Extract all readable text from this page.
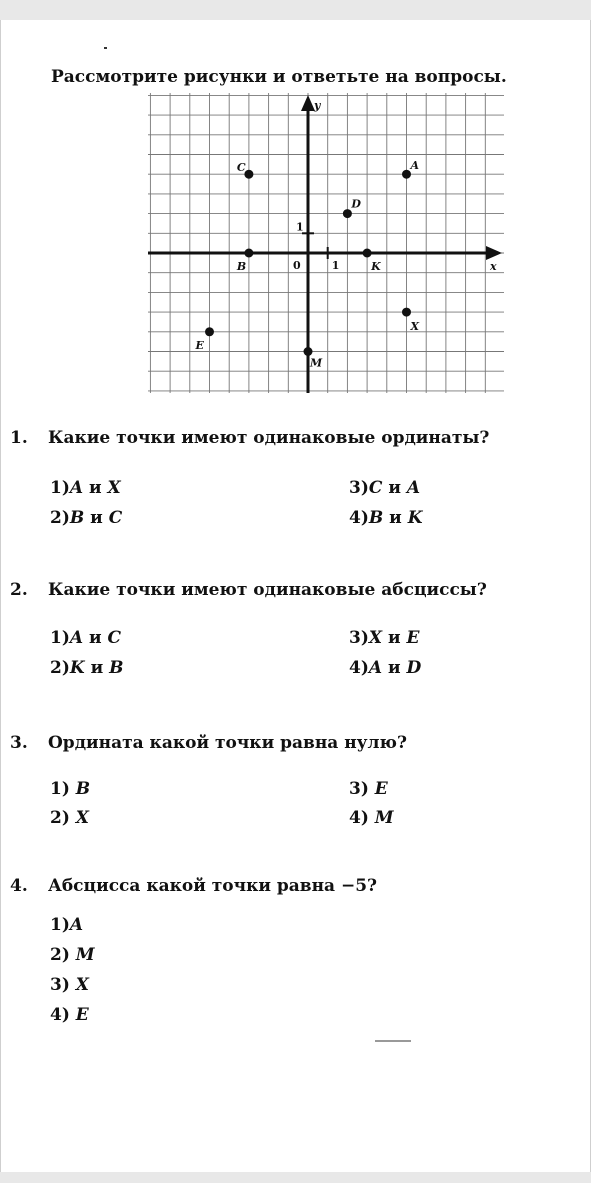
Рассмотрите рисунки и ответьте на вопросы.
x
y
0	1
1
A
C
D
B	K
X
E
M
1. Какие точки имеют одинаковые ординаты?
1)A и X	3)C и A
2)B и C	4)B и K
2. Какие точки имеют одинаковые абсциссы?
1)A и C	3)X и E
2)K и B	4)A и D
3. Ордината какой точки равна нулю?
1) B	3) E
2) X	4) M
4. Абсцисса какой точки равна −5?
1)A
2) M
3) X
4) E
